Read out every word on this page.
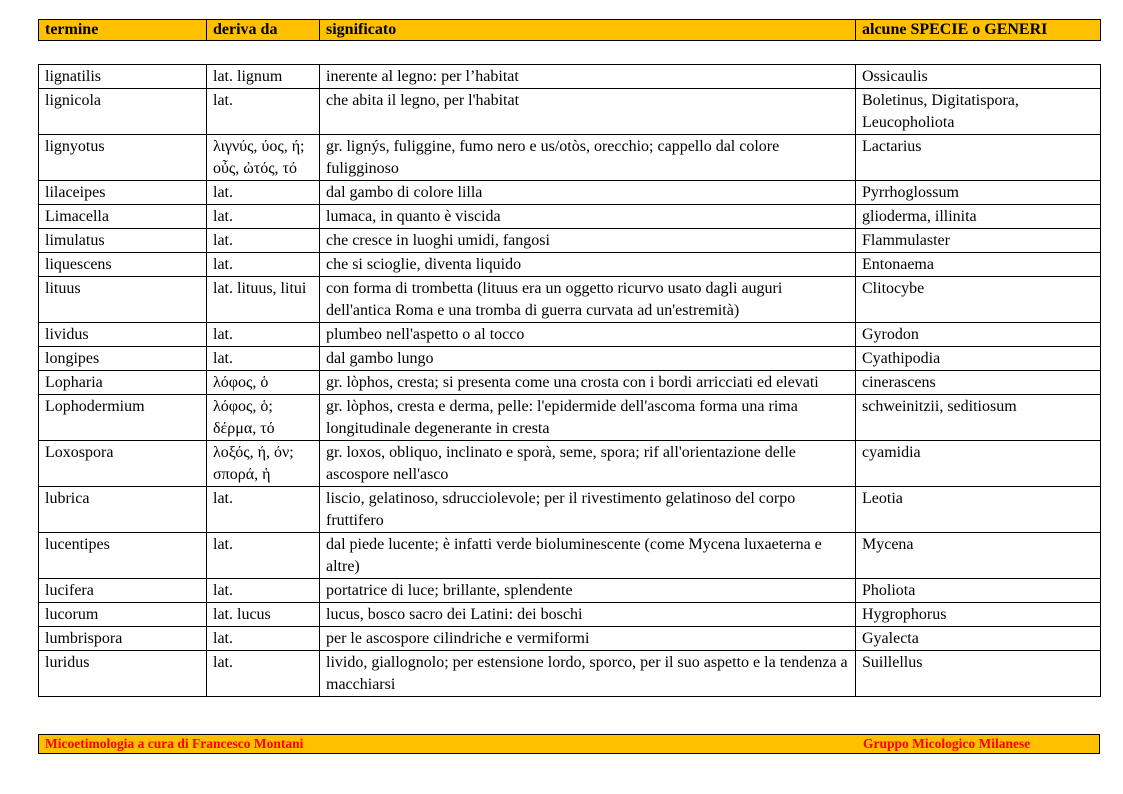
termine	deriva da	significato	alcune SPECIE o GENERI
lignatilis	lat. lignum	inerente al legno: per l’habitat	Ossicaulis
lignicola	lat.	che abita il legno, per l'habitat	Boletinus, Digitatispora, Leucopholiota
lignyotus	λιγνύς, ύος, ή; οὖς, ὠτός, τό	gr. lignýs, fuliggine, fumo nero e us/otòs, orecchio; cappello dal colore fuligginoso	Lactarius
lilaceipes	lat.	dal gambo di colore lilla	Pyrrhoglossum
Limacella	lat.	lumaca, in quanto è viscida	glioderma, illinita
limulatus	lat.	che cresce in luoghi umidi, fangosi	Flammulaster
liquescens	lat.	che si scioglie, diventa liquido	Entonaema
lituus	lat. lituus, litui	con forma di trombetta (lituus era un oggetto ricurvo usato dagli auguri dell'antica Roma e una tromba di guerra curvata ad un'estremità)	Clitocybe
lividus	lat.	plumbeo nell'aspetto o al tocco	Gyrodon
longipes	lat.	dal gambo lungo	Cyathipodia
Lopharia	λόφος, ὁ	gr. lòphos, cresta; si presenta come una crosta con i bordi arricciati ed elevati	cinerascens
Lophodermium	λόφος, ὁ; δέρμα, τό	gr. lòphos, cresta e derma, pelle: l'epidermide dell'ascoma forma una rima longitudinale degenerante in cresta	schweinitzii, seditiosum
Loxospora	λοξός, ή, όν; σπορά, ἡ	gr. loxos, obliquo, inclinato e sporà, seme, spora; rif all'orientazione delle ascospore nell'asco	cyamidia
lubrica	lat.	liscio, gelatinoso, sdrucciolevole; per il rivestimento gelatinoso del corpo fruttifero	Leotia
lucentipes	lat.	dal piede lucente; è infatti verde bioluminescente (come Mycena luxaeterna e altre)	Mycena
lucifera	lat.	portatrice di luce; brillante, splendente	Pholiota
lucorum	lat. lucus	lucus, bosco sacro dei Latini: dei boschi	Hygrophorus
lumbrispora	lat.	per le ascospore cilindriche e vermiformi	Gyalecta
luridus	lat.	livido, giallognolo; per estensione lordo, sporco, per il suo aspetto e la tendenza a macchiarsi	Suillellus
Micoetimologia a cura di Francesco Montani	Gruppo Micologico Milanese
